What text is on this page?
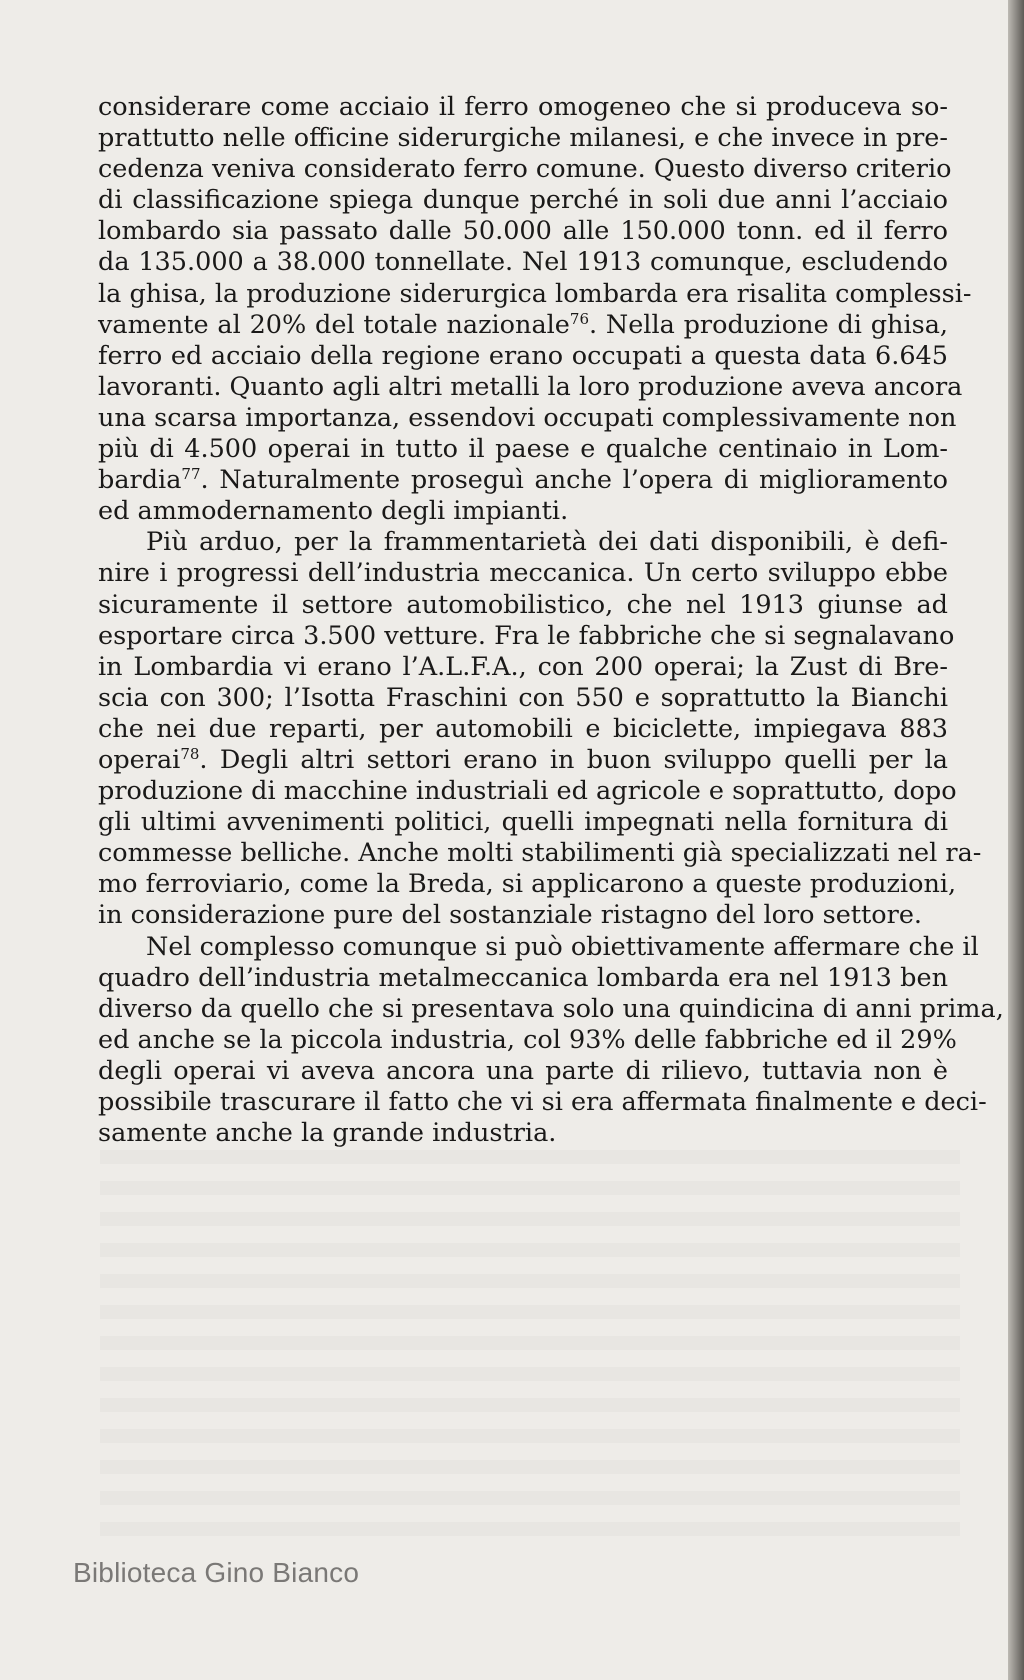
considerare come acciaio il ferro omogeneo che si produceva so-
prattutto nelle officine siderurgiche milanesi, e che invece in pre-
cedenza veniva considerato ferro comune. Questo diverso criterio
di classificazione spiega dunque perché in soli due anni l’acciaio
lombardo sia passato dalle 50.000 alle 150.000 tonn. ed il ferro
da 135.000 a 38.000 tonnellate. Nel 1913 comunque, escludendo
la ghisa, la produzione siderurgica lombarda era risalita complessi-
vamente al 20% del totale nazionale$^{76}$. Nella produzione di ghisa,
ferro ed acciaio della regione erano occupati a questa data 6.645
lavoranti. Quanto agli altri metalli la loro produzione aveva ancora
una scarsa importanza, essendovi occupati complessivamente non
più di 4.500 operai in tutto il paese e qualche centinaio in Lom-
bardia$^{77}$. Naturalmente proseguì anche l’opera di miglioramento
ed ammodernamento degli impianti.
Più arduo, per la frammentarietà dei dati disponibili, è defi-
nire i progressi dell’industria meccanica. Un certo sviluppo ebbe
sicuramente il settore automobilistico, che nel 1913 giunse ad
esportare circa 3.500 vetture. Fra le fabbriche che si segnalavano
in Lombardia vi erano l’A.L.F.A., con 200 operai; la Zust di Bre-
scia con 300; l’Isotta Fraschini con 550 e soprattutto la Bianchi
che nei due reparti, per automobili e biciclette, impiegava 883
operai$^{78}$. Degli altri settori erano in buon sviluppo quelli per la
produzione di macchine industriali ed agricole e soprattutto, dopo
gli ultimi avvenimenti politici, quelli impegnati nella fornitura di
commesse belliche. Anche molti stabilimenti già specializzati nel ra-
mo ferroviario, come la Breda, si applicarono a queste produzioni,
in considerazione pure del sostanziale ristagno del loro settore.
Nel complesso comunque si può obiettivamente affermare che il
quadro dell’industria metalmeccanica lombarda era nel 1913 ben
diverso da quello che si presentava solo una quindicina di anni prima,
ed anche se la piccola industria, col 93% delle fabbriche ed il 29%
degli operai vi aveva ancora una parte di rilievo, tuttavia non è
possibile trascurare il fatto che vi si era affermata finalmente e deci-
samente anche la grande industria.
Biblioteca Gino Bianco
